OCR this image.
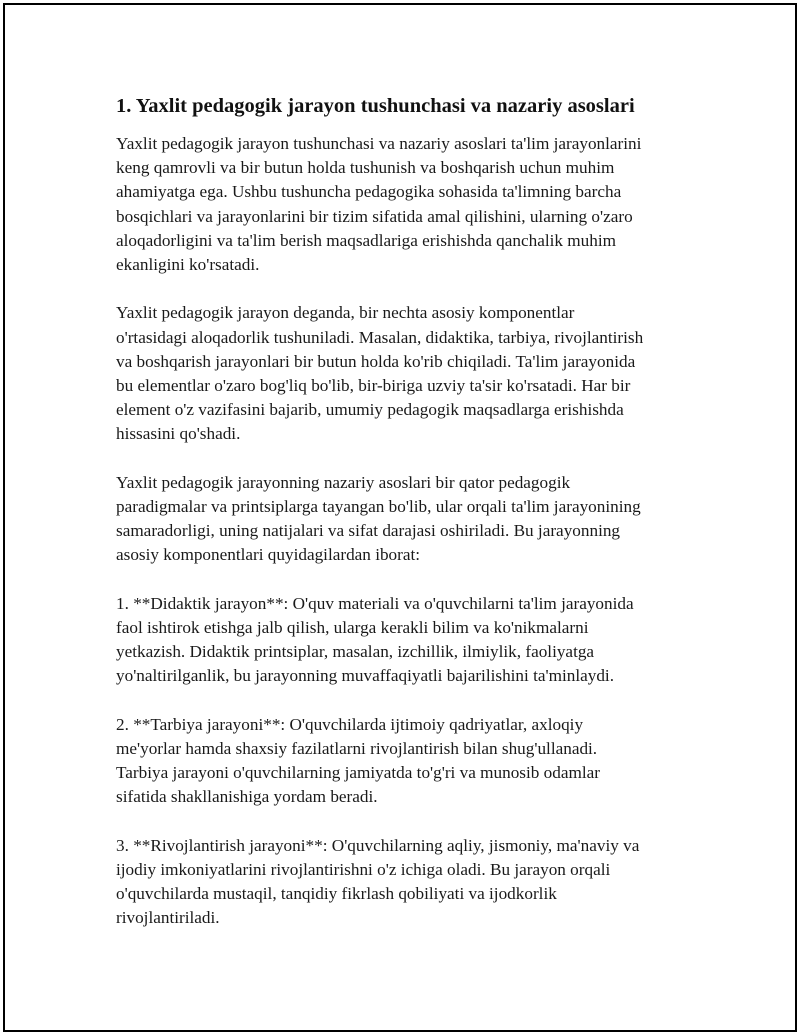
1. Yaxlit pedagogik jarayon tushunchasi va nazariy asoslari

Yaxlit pedagogik jarayon tushunchasi va nazariy asoslari ta'lim jarayonlarini
keng qamrovli va bir butun holda tushunish va boshqarish uchun muhim
ahamiyatga ega. Ushbu tushuncha pedagogika sohasida ta'limning barcha
bosqichlari va jarayonlarini bir tizim sifatida amal qilishini, ularning o'zaro
aloqadorligini va ta'lim berish maqsadlariga erishishda qanchalik muhim
ekanligini ko'rsatadi.

Yaxlit pedagogik jarayon deganda, bir nechta asosiy komponentlar
o'rtasidagi aloqadorlik tushuniladi. Masalan, didaktika, tarbiya, rivojlantirish
va boshqarish jarayonlari bir butun holda ko'rib chiqiladi. Ta'lim jarayonida
bu elementlar o'zaro bog'liq bo'lib, bir-biriga uzviy ta'sir ko'rsatadi. Har bir
element o'z vazifasini bajarib, umumiy pedagogik maqsadlarga erishishda
hissasini qo'shadi.

Yaxlit pedagogik jarayonning nazariy asoslari bir qator pedagogik
paradigmalar va printsiplarga tayangan bo'lib, ular orqali ta'lim jarayonining
samaradorligi, uning natijalari va sifat darajasi oshiriladi. Bu jarayonning
asosiy komponentlari quyidagilardan iborat:

1. **Didaktik jarayon**: O'quv materiali va o'quvchilarni ta'lim jarayonida
faol ishtirok etishga jalb qilish, ularga kerakli bilim va ko'nikmalarni
yetkazish. Didaktik printsiplar, masalan, izchillik, ilmiylik, faoliyatga
yo'naltirilganlik, bu jarayonning muvaffaqiyatli bajarilishini ta'minlaydi.

2. **Tarbiya jarayoni**: O'quvchilarda ijtimoiy qadriyatlar, axloqiy
me'yorlar hamda shaxsiy fazilatlarni rivojlantirish bilan shug'ullanadi.
Tarbiya jarayoni o'quvchilarning jamiyatda to'g'ri va munosib odamlar
sifatida shakllanishiga yordam beradi.

3. **Rivojlantirish jarayoni**: O'quvchilarning aqliy, jismoniy, ma'naviy va
ijodiy imkoniyatlarini rivojlantirishni o'z ichiga oladi. Bu jarayon orqali
o'quvchilarda mustaqil, tanqidiy fikrlash qobiliyati va ijodkorlik
rivojlantiriladi.
